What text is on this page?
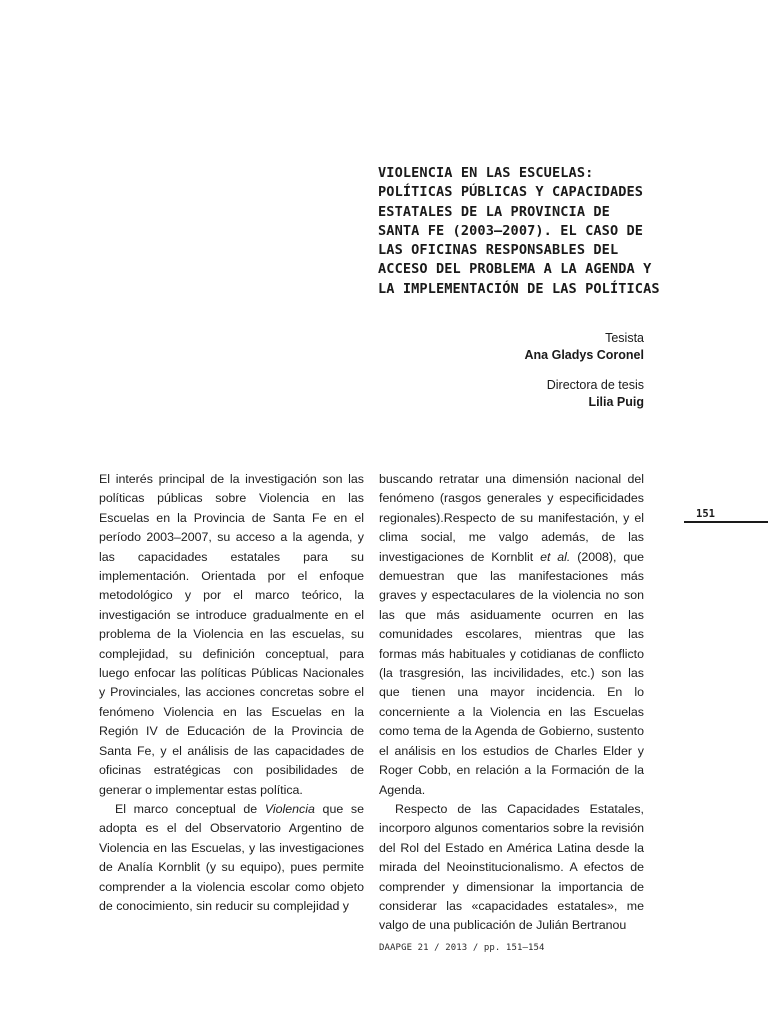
VIOLENCIA EN LAS ESCUELAS:
POLÍTICAS PÚBLICAS Y CAPACIDADES
ESTATALES DE LA PROVINCIA DE
SANTA FE (2003–2007). EL CASO DE
LAS OFICINAS RESPONSABLES DEL
ACCESO DEL PROBLEMA A LA AGENDA Y
LA IMPLEMENTACIÓN DE LAS POLÍTICAS
Tesista
Ana Gladys Coronel
Directora de tesis
Lilia Puig
151

El interés principal de la investigación son las políticas públicas sobre Violencia en las Escuelas en la Provincia de Santa Fe en el período 2003–2007, su acceso a la agenda, y las capacidades estatales para su implementación. Orientada por el enfoque metodológico y por el marco teórico, la investigación se introduce gradualmente en el problema de la Violencia en las escuelas, su complejidad, su definición conceptual, para luego enfocar las políticas Públicas Nacionales y Provinciales, las acciones concretas sobre el fenómeno Violencia en las Escuelas en la Región IV de Educación de la Provincia de Santa Fe, y el análisis de las capacidades de oficinas estratégicas con posibilidades de generar o implementar estas política.

El marco conceptual de Violencia que se adopta es el del Observatorio Argentino de Violencia en las Escuelas, y las investigaciones de Analía Kornblit (y su equipo), pues permite comprender a la violencia escolar como objeto de conocimiento, sin reducir su complejidad y

buscando retratar una dimensión nacional del fenómeno (rasgos generales y especificidades regionales).Respecto de su manifestación, y el clima social, me valgo además, de las investigaciones de Kornblit et al. (2008), que demuestran que las manifestaciones más graves y espectaculares de la violencia no son las que más asiduamente ocurren en las comunidades escolares, mientras que las formas más habituales y cotidianas de conflicto (la trasgresión, las incivilidades, etc.) son las que tienen una mayor incidencia. En lo concerniente a la Violencia en las Escuelas como tema de la Agenda de Gobierno, sustento el análisis en los estudios de Charles Elder y Roger Cobb, en relación a la Formación de la Agenda.

Respecto de las Capacidades Estatales, incorporo algunos comentarios sobre la revisión del Rol del Estado en América Latina desde la mirada del Neoinstitucionalismo. A efectos de comprender y dimensionar la importancia de considerar las «capacidades estatales», me valgo de una publicación de Julián Bertranou

DAAPGE 21 / 2013 / pp. 151–154
